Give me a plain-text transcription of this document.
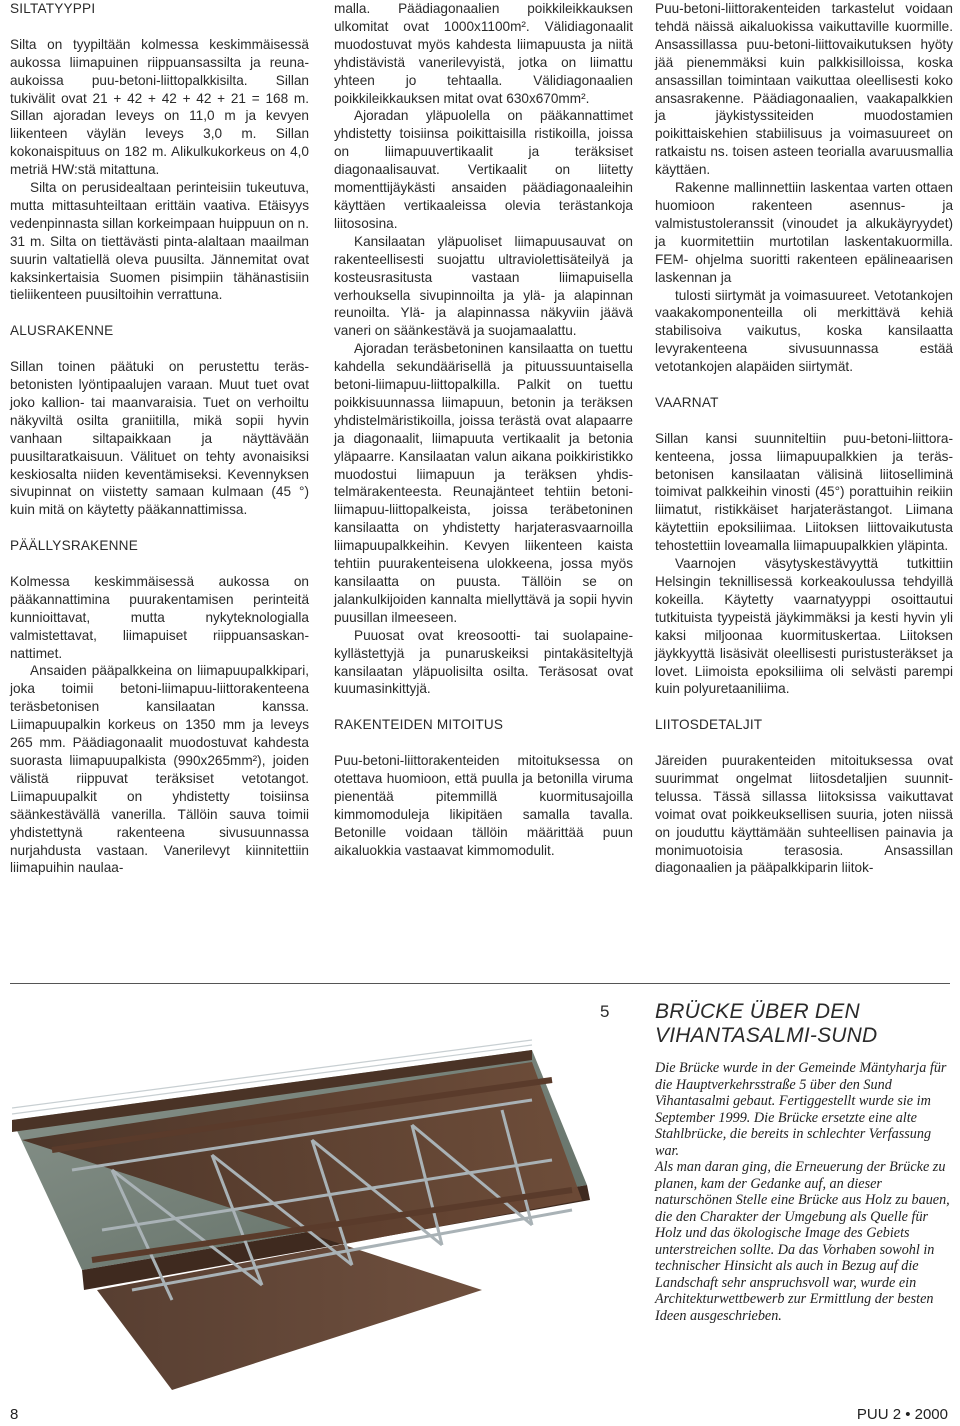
SILTATYYPPI

Silta on tyypiltään kolmessa keskimmäisessä aukossa liimapuinen riippuansassilta ja reuna-aukoissa puu-betoni-liittopalkkisilta. Sillan tukivälit ovat 21 + 42 + 42 + 42 + 21 = 168 m. Sillan ajoradan leveys on 11,0 m ja kevyen liikenteen väylän leveys 3,0 m. Sillan kokonaispituus on 182 m. Alikulkukorkeus on 4,0 metriä HW:stä mitattuna.

Silta on perusidealtaan perinteisiin tukeutuva, mutta mittasuhteiltaan erittäin vaativa. Etäisyys vedenpinnasta sillan korkeimpaan huippuun on n. 31 m. Silta on tiettävästi pinta-alaltaan maailman suurin valtatiellä oleva puusilta. Jännemitat ovat kaksinkertaisia Suomen pisimpiin tähänastisiin tieliikenteen puusiltoihin verrattuna.

ALUSRAKENNE

Sillan toinen päätuki on perustettu teräsbetonisten lyöntipaalujen varaan. Muut tuet ovat joko kallion- tai maanvaraisia. Tuet on verhoiltu näkyviltä osilta graniitilla, mikä sopii hyvin vanhaan siltapaikkaan ja näyttävään puusiltaratkaisuun. Välituet on tehty avonaisiksi keskiosalta niiden keventämiseksi. Kevennyksen sivupinnat on viistetty samaan kulmaan (45 °) kuin mitä on käytetty pääkannattimissa.

PÄÄLLYSRAKENNE

Kolmessa keskimmäisessä aukossa on pääkannattimina puurakentamisen perinteitä kunnioittavat, mutta nykyteknologialla valmistettavat, liimapuiset riippuansaskannattimet.

Ansaiden pääpalkkeina on liimapuupalkkipari, joka toimii betoni-liimapuu-liittorakenteena teräsbetonisen kansilaatan kanssa. Liimapuupalkin korkeus on 1350 mm ja leveys 265 mm. Päädiagonaalit muodostuvat kahdesta suorasta liimapuupalkista (990x265mm²), joiden välistä riippuvat teräksiset vetotangot. Liimapuupalkit on yhdistetty toisiinsa säänkestävällä vanerilla. Tällöin sauva toimii yhdistettynä rakenteena sivusuunnassa nurjahdusta vastaan. Vanerilevyt kiinnitettiin liimapuihin naulaa-

malla. Päädiagonaalien poikkileikkauksen ulkomitat ovat 1000x1100m². Välidiagonaalit muodostuvat myös kahdesta liimapuusta ja niitä yhdistävistä vanerilevyistä, jotka on liimattu yhteen jo tehtaalla. Välidiagonaalien poikkileikkauksen mitat ovat 630x670mm².

Ajoradan yläpuolella on pääkannattimet yhdistetty toisiinsa poikittaisilla ristikoilla, joissa on liimapuuvertikaalit ja teräksiset diagonaalisauvat. Vertikaalit on liitetty momenttijäykästi ansaiden päädiagonaaleihin käyttäen vertikaaleissa olevia terästankoja liitososina.

Kansilaatan yläpuoliset liimapuusauvat on rakenteellisesti suojattu ultraviolettisäteilyä ja kosteusrasitusta vastaan liimapuisella verhouksella sivupinnoilta ja ylä- ja alapinnan reunoilta. Ylä- ja alapinnassa näkyviin jäävä vaneri on säänkestävä ja suojamaalattu.

Ajoradan teräsbetoninen kansilaatta on tuettu kahdella sekundäärisellä ja pituussuuntaisella betoni-liimapuu-liittopalkilla. Palkit on tuettu poikkisuunnassa liimapuun, betonin ja teräksen yhdistelmäristikoilla, joissa terästä ovat alapaarre ja diagonaalit, liimapuuta vertikaalit ja betonia yläpaarre. Kansilaatan valun aikana poikkiristikko muodostui liimapuun ja teräksen yhdistelmärakenteesta. Reunajänteet tehtiin betoni-liimapuu-liittopalkeista, joissa teräbetoninen kansilaatta on yhdistetty harjaterasvaarnoilla liimapuupalkkeihin. Kevyen liikenteen kaista tehtiin puurakenteisena ulokkeena, jossa myös kansilaatta on puusta. Tällöin se on jalankulkijoiden kannalta miellyttävä ja sopii hyvin puusillan ilmeeseen.

Puuosat ovat kreosootti- tai suolapainekyllästettyjä ja punaruskeiksi pintakäsiteltyjä kansilaatan yläpuolisilta osilta. Teräsosat ovat kuumasinkittyjä.

RAKENTEIDEN MITOITUS

Puu-betoni-liittorakenteiden mitoituksessa on otettava huomioon, että puulla ja betonilla viruma pienentää pitemmillä kuormitusajoilla kimmomoduleja likipitäen samalla tavalla. Betonille voidaan tällöin määrittää puun aikaluokkia vastaavat kimmomodulit.

Puu-betoni-liittorakenteiden tarkastelut voidaan tehdä näissä aikaluokissa vaikuttaville kuormille. Ansassillassa puu-betoni-liittovaikutuksen hyöty jää pienemmäksi kuin palkkisilloissa, koska ansassillan toimintaan vaikuttaa oleellisesti koko ansasrakenne. Päädiagonaalien, vaakapalkkien ja jäykistyssiteiden muodostamien poikittaiskehien stabiilisuus ja voimasuureet on ratkaistu ns. toisen asteen teorialla avaruusmallia käyttäen.

Rakenne mallinnettiin laskentaa varten ottaen huomioon rakenteen asennus- ja valmistustoleranssit (vinoudet ja alkukäyryydet) ja kuormitettiin murtotilan laskentakuormilla. FEM- ohjelma suoritti rakenteen epälineaarisen laskennan ja

tulosti siirtymät ja voimasuureet. Vetotankojen vaakakomponenteilla oli merkittävä kehiä stabilisoiva vaikutus, koska kansilaatta levyrakenteena sivusuunnassa estää vetotankojen alapäiden siirtymät.

VAARNAT

Sillan kansi suunniteltiin puu-betoni-liittorakenteena, jossa liimapuupalkkien ja teräsbetonisen kansilaatan välisinä liitoselliminä toimivat palkkeihin vinosti (45°) porattuihin reikiin liimatut, ristikkäiset harjaterästangot. Liimana käytettiin epoksiliimaa. Liitoksen liittovaikutusta tehostettiin loveamalla liimapuupalkkien yläpinta.

Vaarnojen väsytyskestävyyttä tutkittiin Helsingin teknillisessä korkeakoulussa tehdyillä kokeilla. Käytetty vaarnatyyppi osoittautui tutkituista tyypeistä jäykimmäksi ja kesti hyvin yli kaksi miljoonaa kuormituskertaa. Liitoksen jäykkyyttä lisäsivät oleellisesti puristusteräkset ja lovet. Liimoista epoksiliima oli selvästi parempi kuin polyuretaaniliima.

LIITOSDETALJIT

Järeiden puurakenteiden mitoituksessa ovat suurimmat ongelmat liitosdetaljien suunnittelussa. Tässä sillassa liitoksissa vaikuttavat voimat ovat poikkeuksellisen suuria, joten niissä on jouduttu käyttämään suhteellisen painavia ja monimuotoisia terasosia. Ansassillan diagonaalien ja pääpalkkiparin liitok-

5 BRÜCKE ÜBER DEN VIHANTASALMI-SUND

Die Brücke wurde in der Gemeinde Mäntyharja für die Hauptverkehrsstraße 5 über den Sund Vihantasalmi gebaut. Fertiggestellt wurde sie im September 1999. Die Brücke ersetzte eine alte Stahlbrücke, die bereits in schlechter Verfassung war.

Als man daran ging, die Erneuerung der Brücke zu planen, kam der Gedanke auf, an dieser naturschönen Stelle eine Brücke aus Holz zu bauen, die den Charakter der Umgebung als Quelle für Holz und das ökologische Image des Gebiets unterstreichen sollte. Da das Vorhaben sowohl in technischer Hinsicht als auch in Bezug auf die Landschaft sehr anspruchsvoll war, wurde ein Architekturwettbewerb zur Ermittlung der besten Ideen ausgeschrieben.

8	PUU 2 • 2000
